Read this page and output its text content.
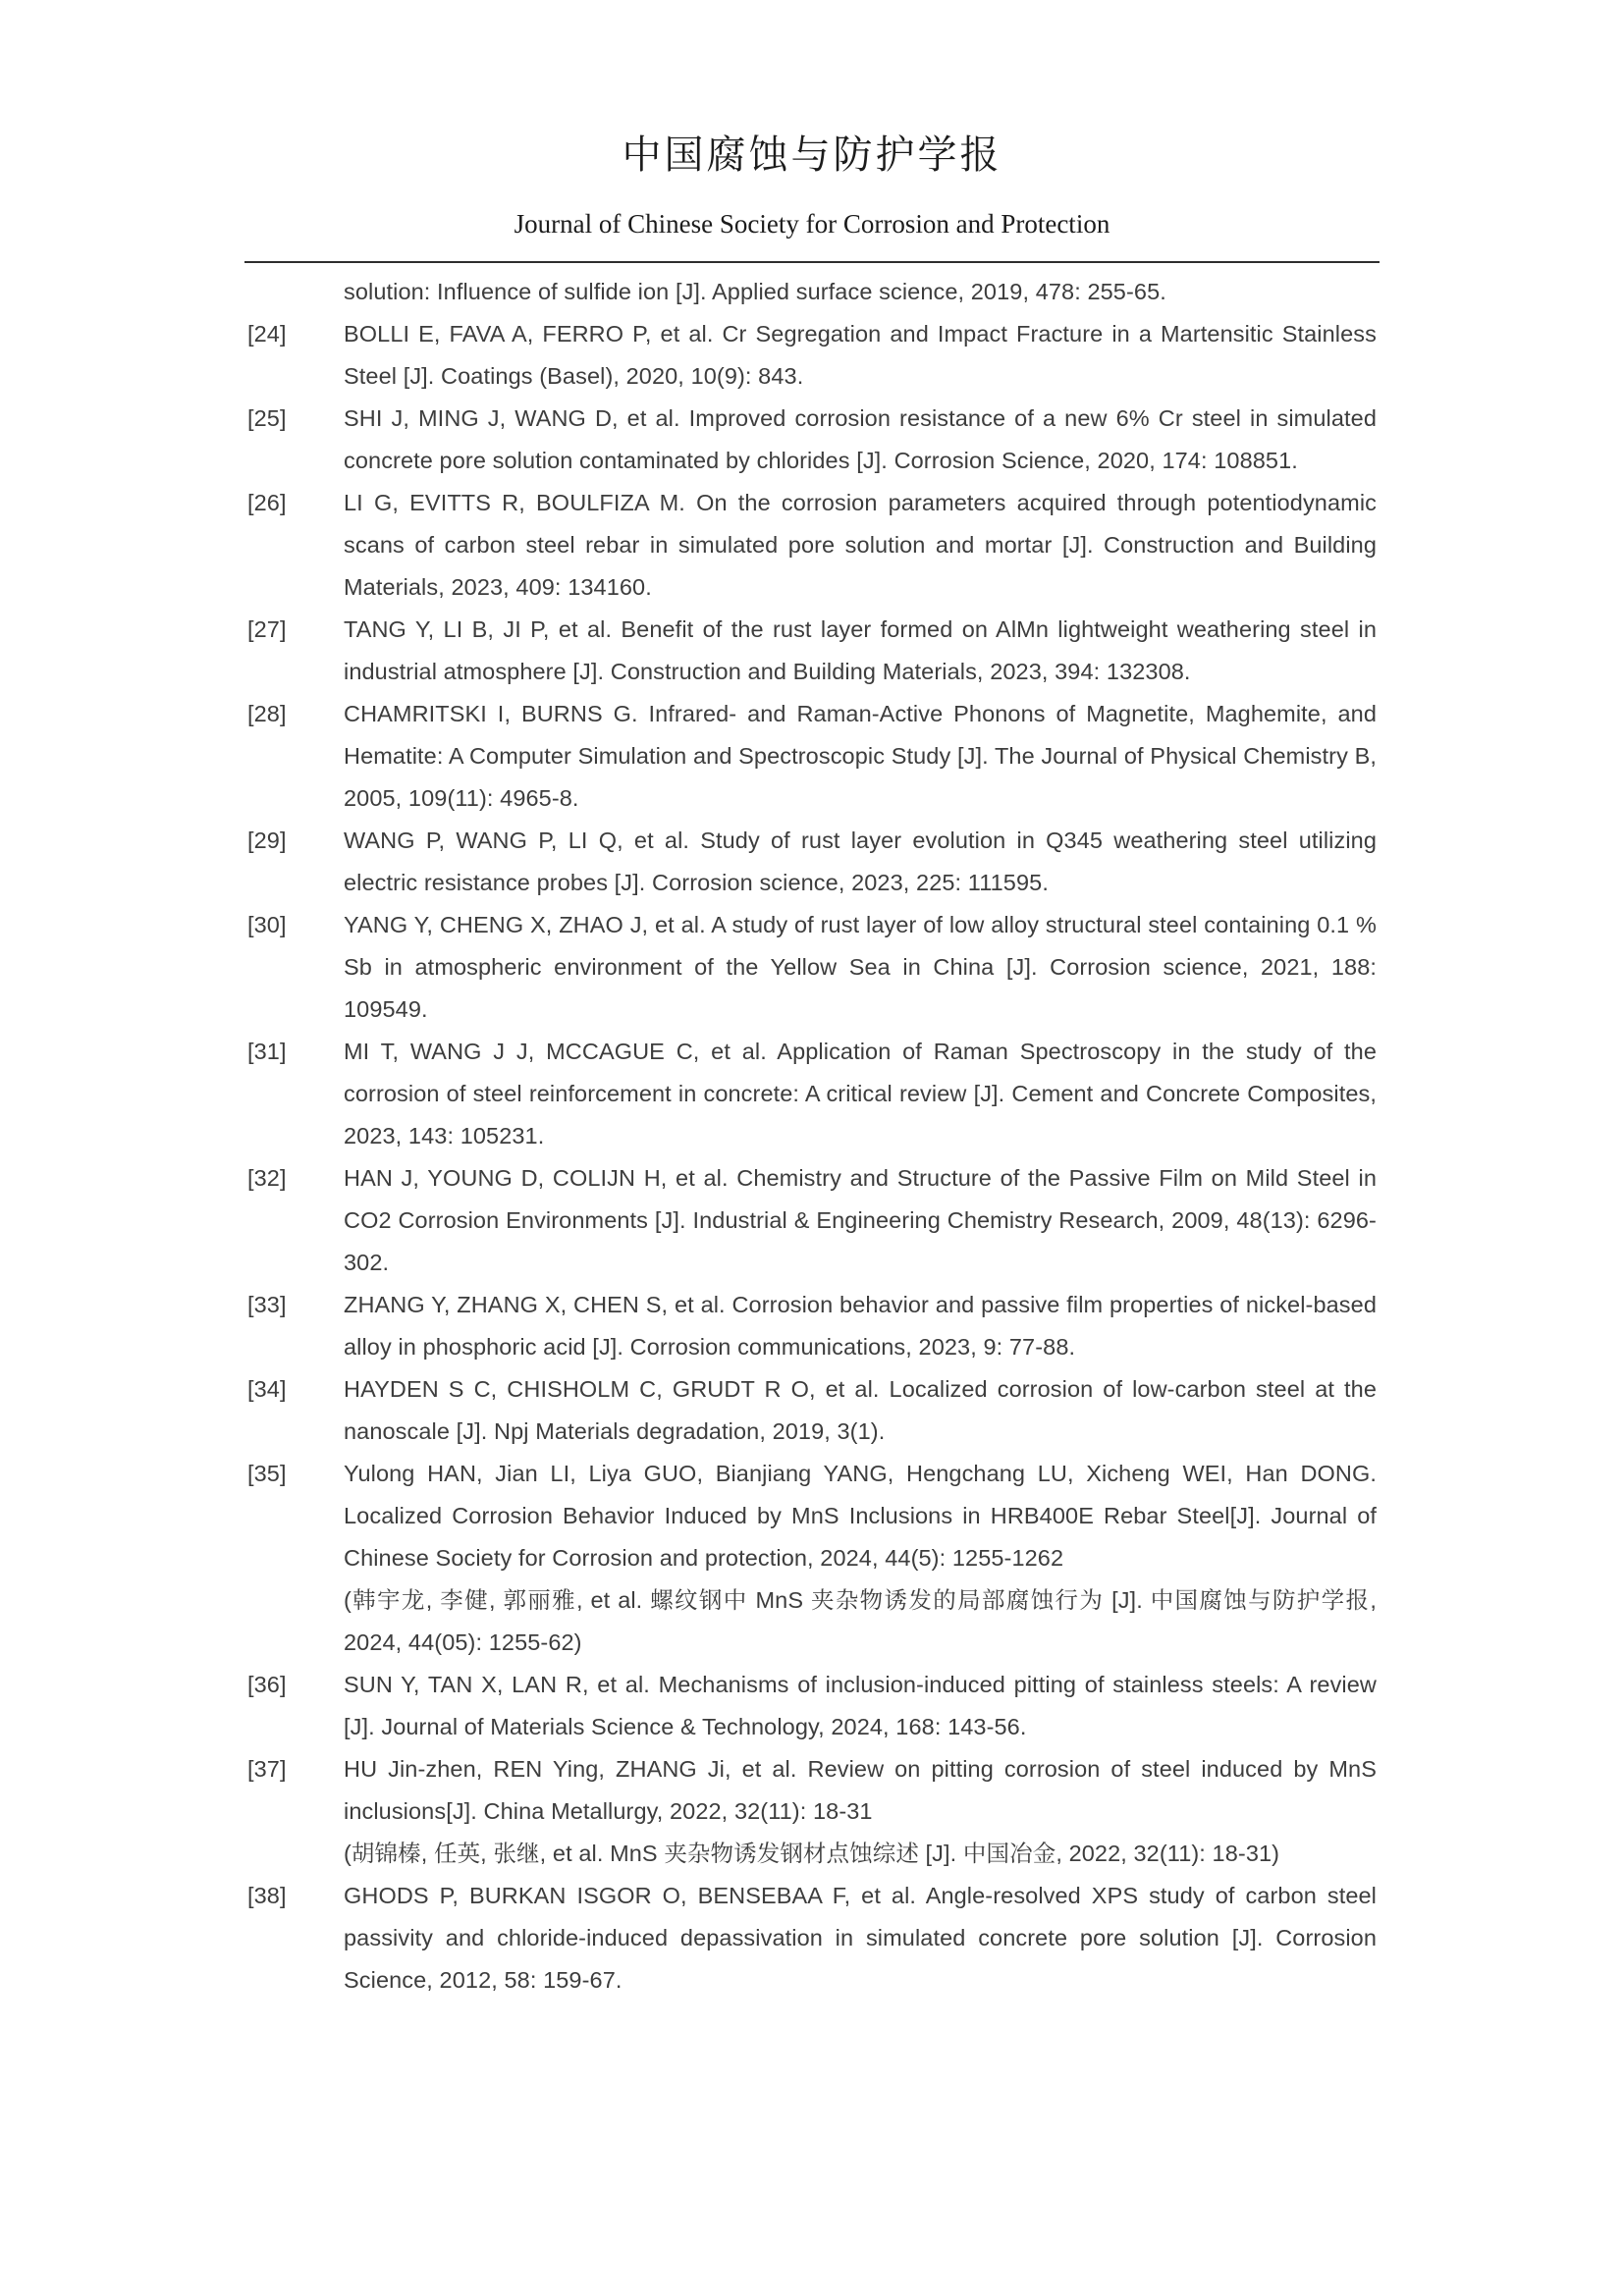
中国腐蚀与防护学报
Journal of Chinese Society for Corrosion and Protection
solution: Influence of sulfide ion [J]. Applied surface science, 2019, 478: 255-65.
[24] BOLLI E, FAVA A, FERRO P, et al. Cr Segregation and Impact Fracture in a Martensitic Stainless Steel [J]. Coatings (Basel), 2020, 10(9): 843.
[25] SHI J, MING J, WANG D, et al. Improved corrosion resistance of a new 6% Cr steel in simulated concrete pore solution contaminated by chlorides [J]. Corrosion Science, 2020, 174: 108851.
[26] LI G, EVITTS R, BOULFIZA M. On the corrosion parameters acquired through potentiodynamic scans of carbon steel rebar in simulated pore solution and mortar [J]. Construction and Building Materials, 2023, 409: 134160.
[27] TANG Y, LI B, JI P, et al. Benefit of the rust layer formed on AlMn lightweight weathering steel in industrial atmosphere [J]. Construction and Building Materials, 2023, 394: 132308.
[28] CHAMRITSKI I, BURNS G. Infrared- and Raman-Active Phonons of Magnetite, Maghemite, and Hematite: A Computer Simulation and Spectroscopic Study [J]. The Journal of Physical Chemistry B, 2005, 109(11): 4965-8.
[29] WANG P, WANG P, LI Q, et al. Study of rust layer evolution in Q345 weathering steel utilizing electric resistance probes [J]. Corrosion science, 2023, 225: 111595.
[30] YANG Y, CHENG X, ZHAO J, et al. A study of rust layer of low alloy structural steel containing 0.1 % Sb in atmospheric environment of the Yellow Sea in China [J]. Corrosion science, 2021, 188: 109549.
[31] MI T, WANG J J, MCCAGUE C, et al. Application of Raman Spectroscopy in the study of the corrosion of steel reinforcement in concrete: A critical review [J]. Cement and Concrete Composites, 2023, 143: 105231.
[32] HAN J, YOUNG D, COLIJN H, et al. Chemistry and Structure of the Passive Film on Mild Steel in CO2 Corrosion Environments [J]. Industrial & Engineering Chemistry Research, 2009, 48(13): 6296-302.
[33] ZHANG Y, ZHANG X, CHEN S, et al. Corrosion behavior and passive film properties of nickel-based alloy in phosphoric acid [J]. Corrosion communications, 2023, 9: 77-88.
[34] HAYDEN S C, CHISHOLM C, GRUDT R O, et al. Localized corrosion of low-carbon steel at the nanoscale [J]. Npj Materials degradation, 2019, 3(1).
[35] Yulong HAN, Jian LI, Liya GUO, Bianjiang YANG, Hengchang LU, Xicheng WEI, Han DONG. Localized Corrosion Behavior Induced by MnS Inclusions in HRB400E Rebar Steel[J]. Journal of Chinese Society for Corrosion and protection, 2024, 44(5): 1255-1262
(韩宇龙, 李健, 郭丽雅, et al. 螺纹钢中 MnS 夹杂物诱发的局部腐蚀行为 [J]. 中国腐蚀与防护学报, 2024, 44(05): 1255-62)
[36] SUN Y, TAN X, LAN R, et al. Mechanisms of inclusion-induced pitting of stainless steels: A review [J]. Journal of Materials Science & Technology, 2024, 168: 143-56.
[37] HU Jin-zhen, REN Ying, ZHANG Ji, et al. Review on pitting corrosion of steel induced by MnS inclusions[J]. China Metallurgy, 2022, 32(11): 18-31
(胡锦榛, 任英, 张继, et al. MnS 夹杂物诱发钢材点蚀综述 [J]. 中国冶金, 2022, 32(11): 18-31)
[38] GHODS P, BURKAN ISGOR O, BENSEBAA F, et al. Angle-resolved XPS study of carbon steel passivity and chloride-induced depassivation in simulated concrete pore solution [J]. Corrosion Science, 2012, 58: 159-67.
